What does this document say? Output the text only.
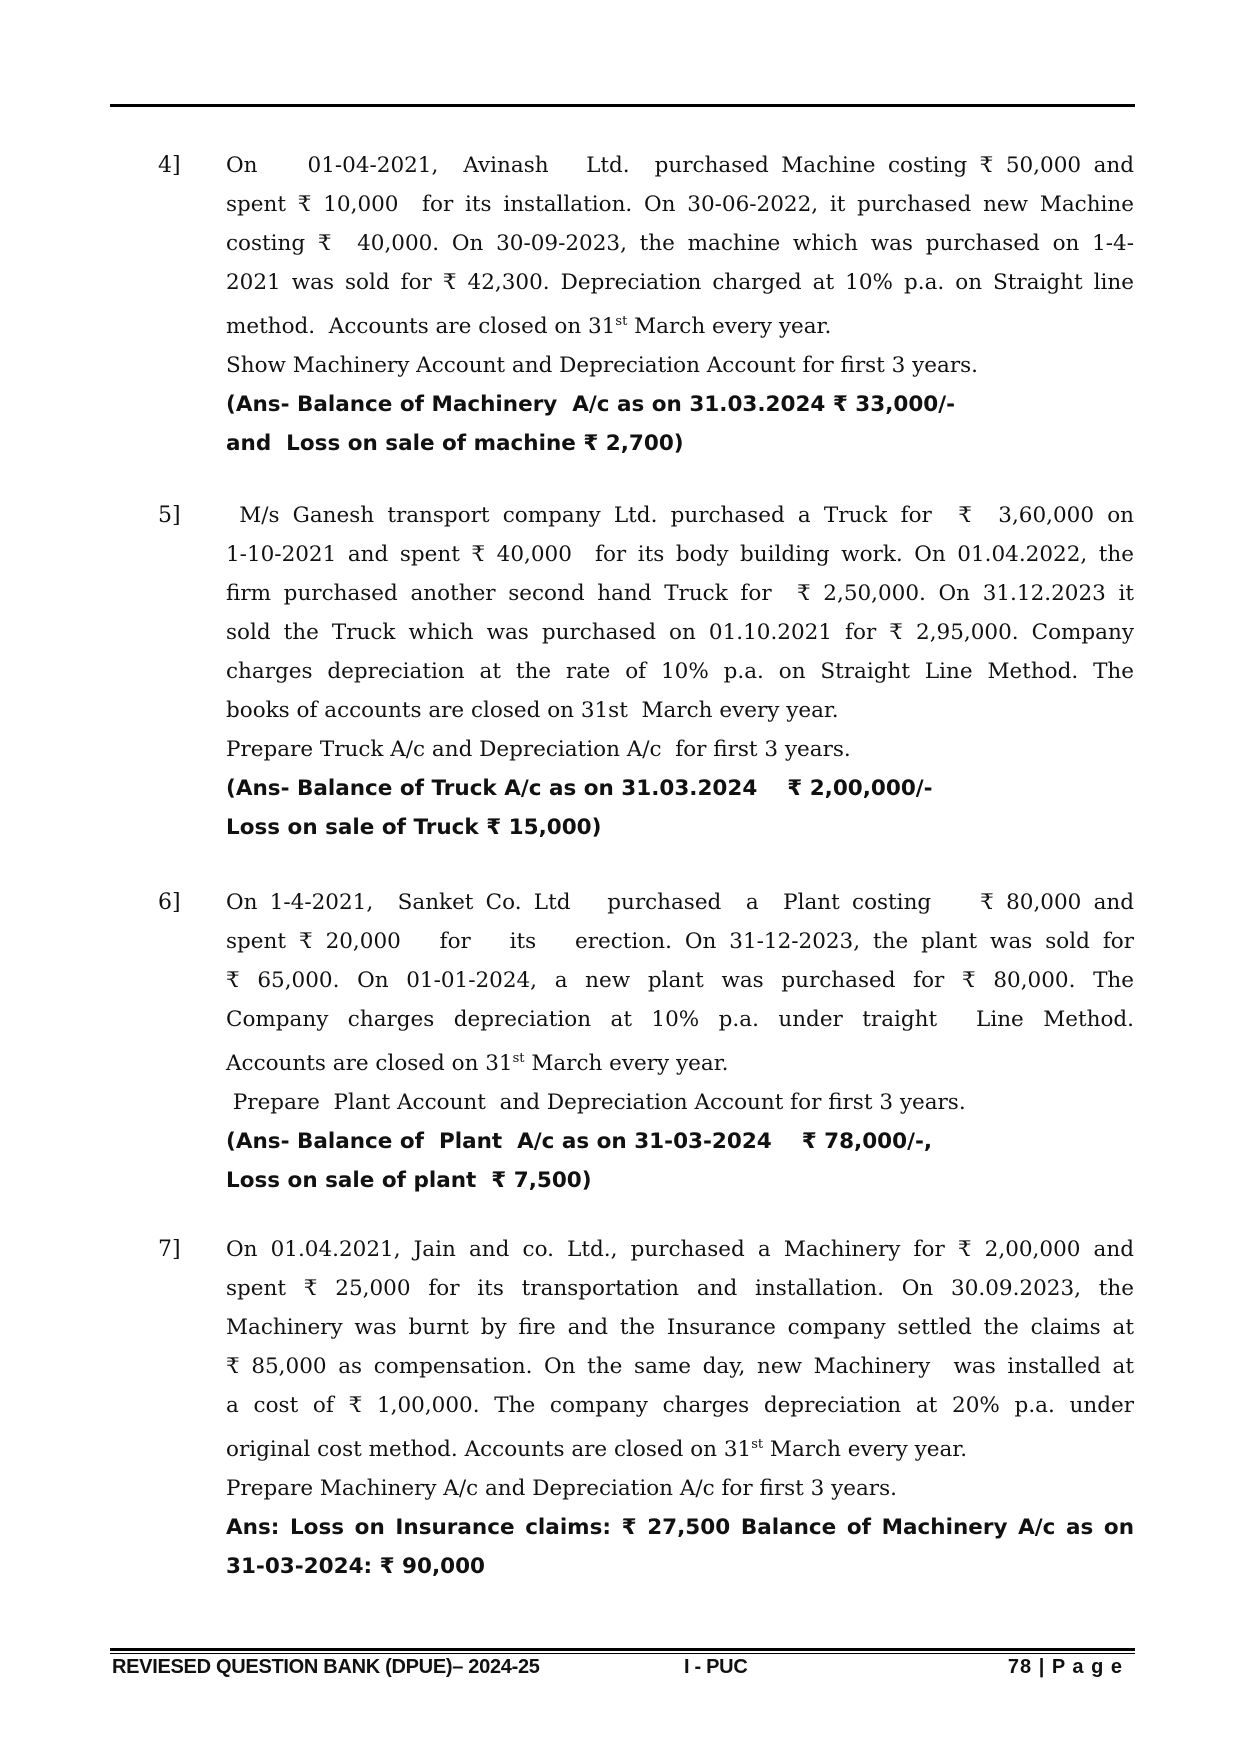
4] On    01-04-2021,  Avinash   Ltd.  purchased Machine costing ₹ 50,000 and
spent ₹ 10,000  for its installation. On 30-06-2022, it purchased new Machine
costing ₹  40,000. On 30-09-2023, the machine which was purchased on 1-4-
2021 was sold for ₹ 42,300. Depreciation charged at 10% p.a. on Straight line
method.  Accounts are closed on 31st March every year.
Show Machinery Account and Depreciation Account for first 3 years.
(Ans- Balance of Machinery  A/c as on 31.03.2024 ₹ 33,000/-
and  Loss on sale of machine ₹ 2,700)
5] M/s Ganesh transport company Ltd. purchased a Truck for  ₹  3,60,000 on
1-10-2021 and spent ₹ 40,000  for its body building work. On 01.04.2022, the
firm purchased another second hand Truck for  ₹ 2,50,000. On 31.12.2023 it
sold the Truck which was purchased on 01.10.2021 for ₹ 2,95,000. Company
charges depreciation at the rate of 10% p.a. on Straight Line Method. The
books of accounts are closed on 31st  March every year.
Prepare Truck A/c and Depreciation A/c  for first 3 years.
(Ans- Balance of Truck A/c as on 31.03.2024    ₹ 2,00,000/-
Loss on sale of Truck ₹ 15,000)
6] On 1-4-2021,  Sanket Co. Ltd   purchased  a  Plant costing    ₹ 80,000 and
spent ₹ 20,000   for   its   erection. On 31-12-2023, the plant was sold for
₹ 65,000. On 01-01-2024, a new plant was purchased for ₹ 80,000. The
Company charges depreciation at 10% p.a. under traight  Line Method.
Accounts are closed on 31st March every year.
Prepare  Plant Account  and Depreciation Account for first 3 years.
(Ans- Balance of  Plant  A/c as on 31-03-2024    ₹ 78,000/-,
Loss on sale of plant  ₹ 7,500)
7] On 01.04.2021, Jain and co. Ltd., purchased a Machinery for ₹ 2,00,000 and
spent ₹ 25,000 for its transportation and installation. On 30.09.2023, the
Machinery was burnt by fire and the Insurance company settled the claims at
₹ 85,000 as compensation. On the same day, new Machinery  was installed at
a cost of ₹ 1,00,000. The company charges depreciation at 20% p.a. under
original cost method. Accounts are closed on 31st March every year.
Prepare Machinery A/c and Depreciation A/c for first 3 years.
Ans: Loss on Insurance claims: ₹ 27,500 Balance of Machinery A/c as on
31-03-2024: ₹ 90,000
REVIESED QUESTION BANK (DPUE)– 2024-25	I - PUC	78 | P a g e
